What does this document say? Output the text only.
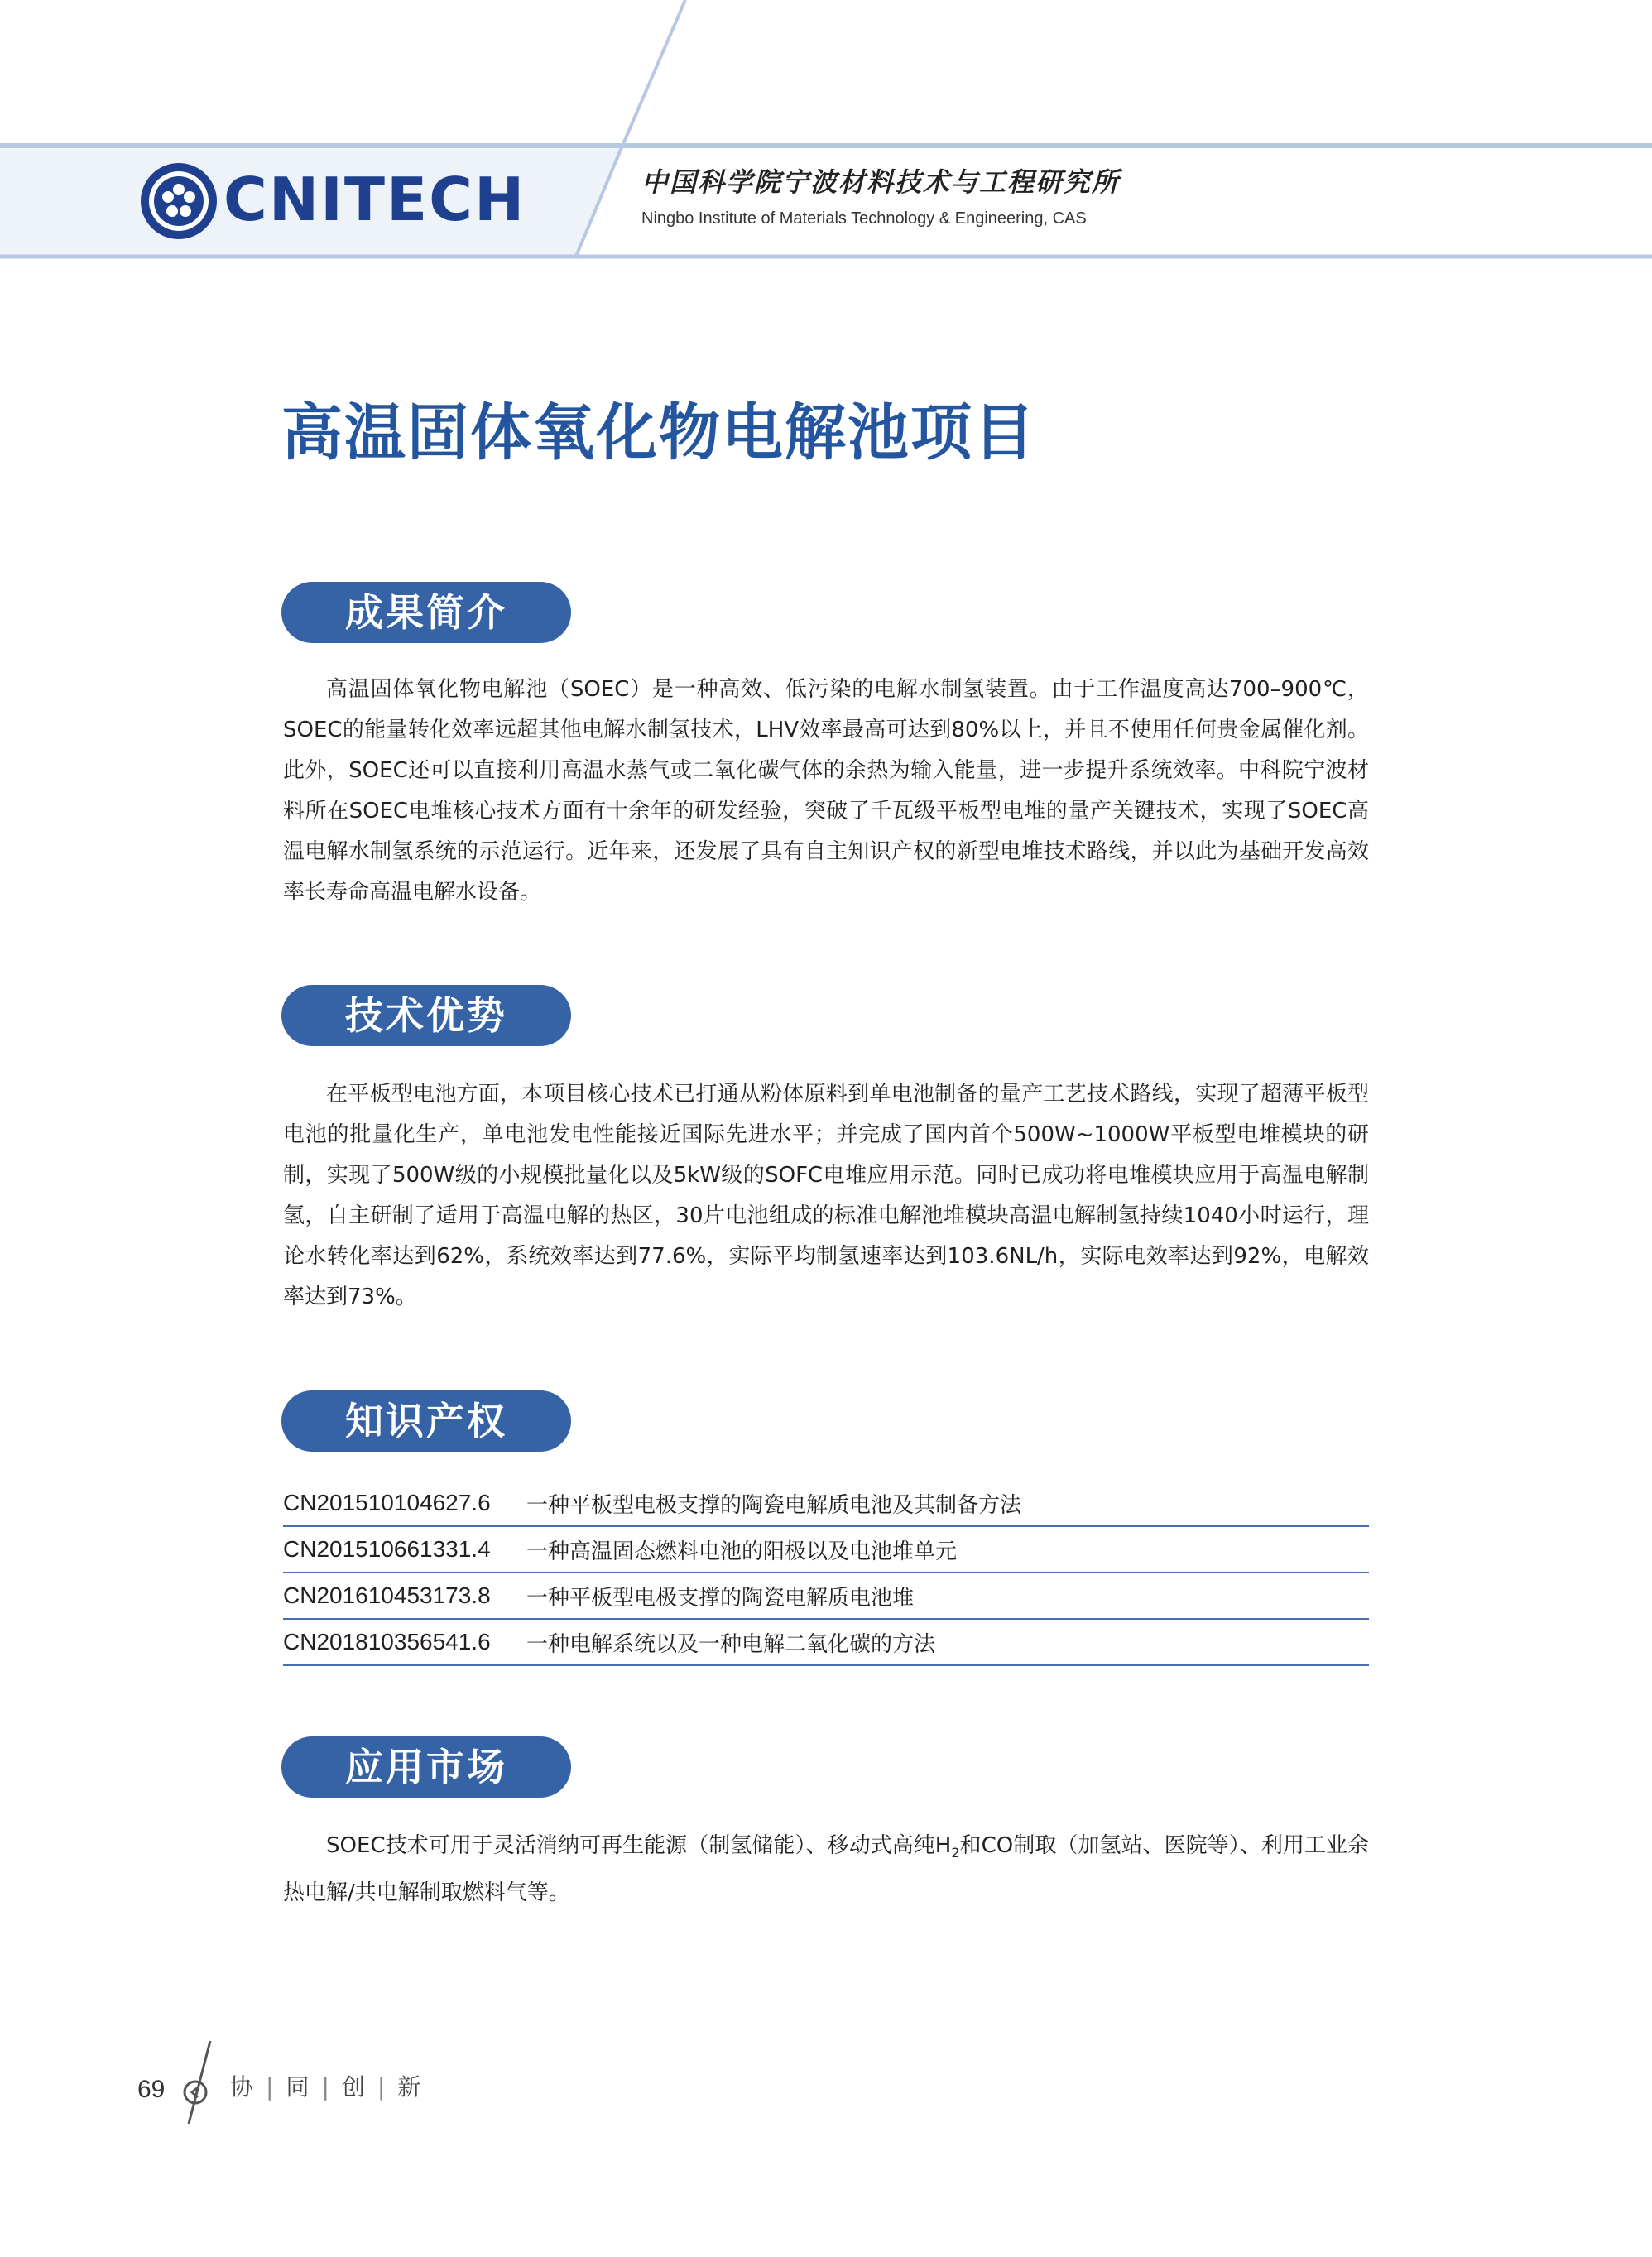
CNITECH	中国科学院宁波材料技术与工程研究所
Ningbo Institute of Materials Technology & Engineering, CAS
高温固体氧化物电解池项目
成果简介
高温固体氧化物电解池（SOEC）是一种高效、低污染的电解水制氢装置。由于工作温度高达700–900℃，SOEC的能量转化效率远超其他电解水制氢技术，LHV效率最高可达到80%以上，并且不使用任何贵金属催化剂。此外，SOEC还可以直接利用高温水蒸气或二氧化碳气体的余热为输入能量，进一步提升系统效率。中科院宁波材料所在SOEC电堆核心技术方面有十余年的研发经验，突破了千瓦级平板型电堆的量产关键技术，实现了SOEC高温电解水制氢系统的示范运行。近年来，还发展了具有自主知识产权的新型电堆技术路线，并以此为基础开发高效率长寿命高温电解水设备。
技术优势
在平板型电池方面，本项目核心技术已打通从粉体原料到单电池制备的量产工艺技术路线，实现了超薄平板型电池的批量化生产，单电池发电性能接近国际先进水平；并完成了国内首个500W~1000W平板型电堆模块的研制，实现了500W级的小规模批量化以及5kW级的SOFC电堆应用示范。同时已成功将电堆模块应用于高温电解制氢，自主研制了适用于高温电解的热区，30片电池组成的标准电解池堆模块高温电解制氢持续1040小时运行，理论水转化率达到62%，系统效率达到77.6%，实际平均制氢速率达到103.6NL/h，实际电效率达到92%，电解效率达到73%。
知识产权
CN201510104627.6	一种平板型电极支撑的陶瓷电解质电池及其制备方法
CN201510661331.4	一种高温固态燃料电池的阳极以及电池堆单元
CN201610453173.8	一种平板型电极支撑的陶瓷电解质电池堆
CN201810356541.6	一种电解系统以及一种电解二氧化碳的方法
应用市场
SOEC技术可用于灵活消纳可再生能源（制氢储能）、移动式高纯$H_2$和CO制取（加氢站、医院等）、利用工业余热电解/共电解制取燃料气等。
69	协 | 同 | 创 | 新
